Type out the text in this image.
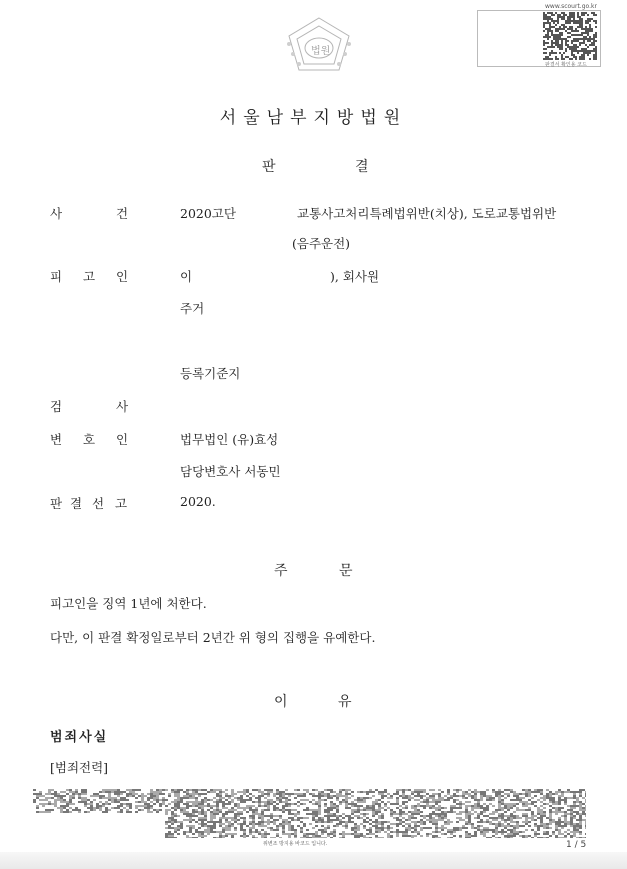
법원
www.scourt.go.kr
판결서 확인용 코드
서울남부지방법원
판	결
사	건	2020고단	교통사고처리특례법위반(치상), 도로교통법위반
(음주운전)
피 고 인	이	), 회사원
주거
등록기준지
검	사
변 호 인	법무법인 (유)효성
담당변호사 서동민
판 결 선 고	2020.
주	문
피고인을 징역 1년에 처한다.
다만, 이 판결 확정일로부터 2년간 위 형의 집행을 유예한다.
이	유
범죄사실
[범죄전력]
위변조 방지용 바코드 입니다.	1 / 5
